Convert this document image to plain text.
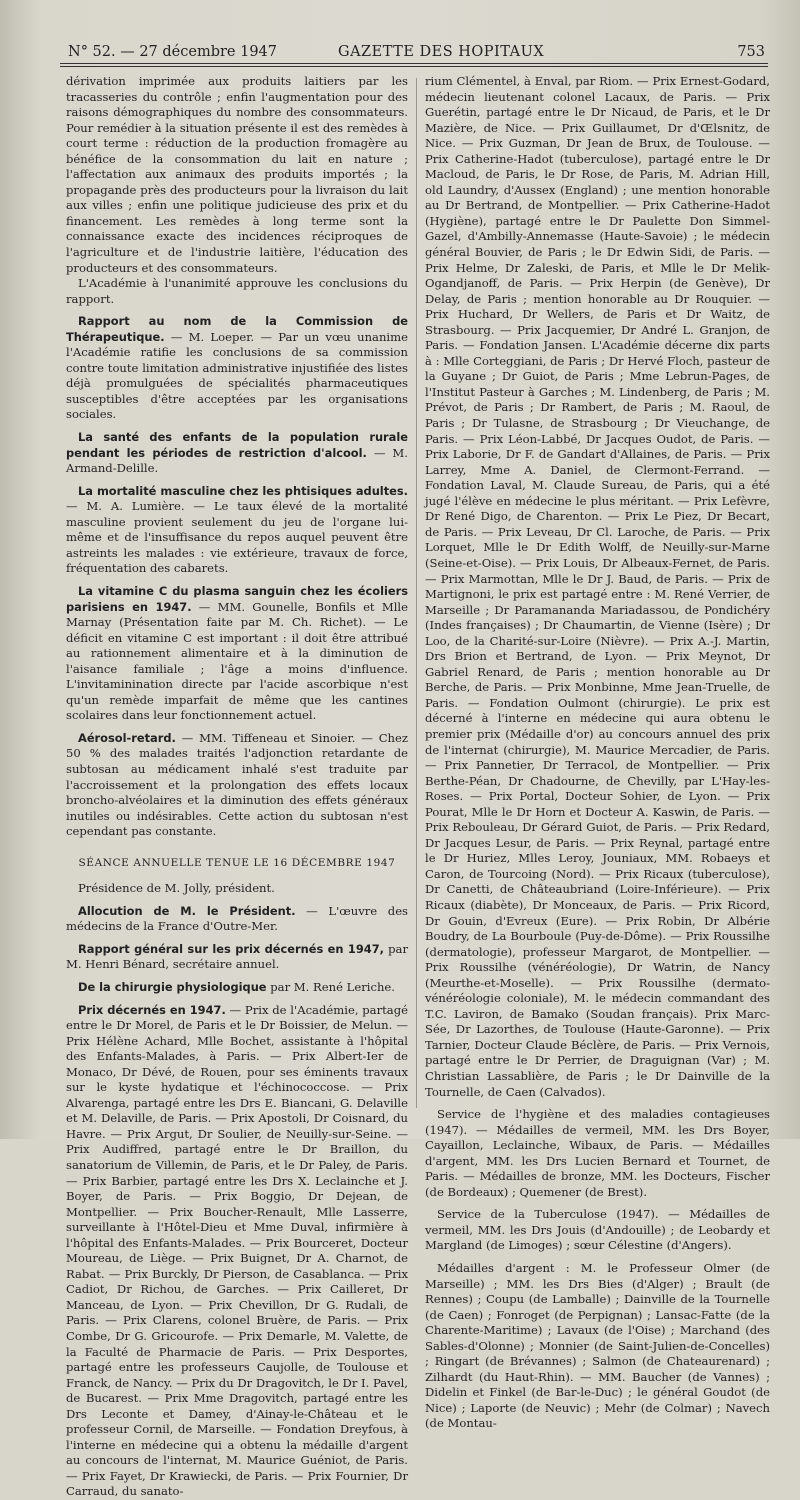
N° 52. — 27 décembre 1947	GAZETTE DES HOPITAUX	753

dérivation imprimée aux produits laitiers par les tracasseries du contrôle ; enfin l'augmentation pour des raisons démographiques du nombre des consommateurs. Pour remédier à la situation présente il est des remèdes à court terme : réduction de la production fromagère au bénéfice de la consommation du lait en nature ; l'affectation aux animaux des produits importés ; la propagande près des producteurs pour la livraison du lait aux villes ; enfin une politique judicieuse des prix et du financement. Les remèdes à long terme sont la connaissance exacte des incidences réciproques de l'agriculture et de l'industrie laitière, l'éducation des producteurs et des consommateurs.

L'Académie à l'unanimité approuve les conclusions du rapport.

Rapport au nom de la Commission de Thérapeutique. — M. Loeper. — Par un vœu unanime l'Académie ratifie les conclusions de sa commission contre toute limitation administrative injustifiée des listes déjà promulguées de spécialités pharmaceutiques susceptibles d'être acceptées par les organisations sociales.

La santé des enfants de la population rurale pendant les périodes de restriction d'alcool. — M. Armand-Delille.

La mortalité masculine chez les phtisiques adultes. — M. A. Lumière. — Le taux élevé de la mortalité masculine provient seulement du jeu de l'organe lui-même et de l'insuffisance du repos auquel peuvent être astreints les malades : vie extérieure, travaux de force, fréquentation des cabarets.

La vitamine C du plasma sanguin chez les écoliers parisiens en 1947. — MM. Gounelle, Bonfils et Mlle Marnay (Présentation faite par M. Ch. Richet). — Le déficit en vitamine C est important : il doit être attribué au rationnement alimentaire et à la diminution de l'aisance familiale ; l'âge a moins d'influence. L'invitaminination directe par l'acide ascorbique n'est qu'un remède imparfait de même que les cantines scolaires dans leur fonctionnement actuel.

Aérosol-retard. — MM. Tiffeneau et Sinoier. — Chez 50 % des malades traités l'adjonction retardante de subtosan au médicament inhalé s'est traduite par l'accroissement et la prolongation des effets locaux broncho-alvéolaires et la diminution des effets généraux inutiles ou indésirables. Cette action du subtosan n'est cependant pas constante.

SÉANCE ANNUELLE TENUE LE 16 DÉCEMBRE 1947

Présidence de M. Jolly, président.

Allocution de M. le Président. — L'œuvre des médecins de la France d'Outre-Mer.

Rapport général sur les prix décernés en 1947, par M. Henri Bénard, secrétaire annuel.

De la chirurgie physiologique par M. René Leriche.

Prix décernés en 1947. — Prix de l'Académie, partagé entre le Dr Morel, de Paris et le Dr Boissier, de Melun. — Prix Hélène Achard, Mlle Bochet, assistante à l'hôpital des Enfants-Malades, à Paris. — Prix Albert-Ier de Monaco, Dr Dévé, de Rouen, pour ses éminents travaux sur le kyste hydatique et l'échinococcose. — Prix Alvarenga, partagé entre les Drs E. Biancani, G. Delaville et M. Delaville, de Paris. — Prix Apostoli, Dr Coisnard, du Havre. — Prix Argut, Dr Soulier, de Neuilly-sur-Seine. — Prix Audiffred, partagé entre le Dr Braillon, du sanatorium de Villemin, de Paris, et le Dr Paley, de Paris. — Prix Barbier, partagé entre les Drs X. Leclainche et J. Boyer, de Paris. — Prix Boggio, Dr Dejean, de Montpellier. — Prix Boucher-Renault, Mlle Lasserre, surveillante à l'Hôtel-Dieu et Mme Duval, infirmière à l'hôpital des Enfants-Malades. — Prix Bourceret, Docteur Moureau, de Liège. — Prix Buignet, Dr A. Charnot, de Rabat. — Prix Burckly, Dr Pierson, de Casablanca. — Prix Cadiot, Dr Richou, de Garches. — Prix Cailleret, Dr Manceau, de Lyon. — Prix Chevillon, Dr G. Rudali, de Paris. — Prix Clarens, colonel Bruère, de Paris. — Prix Combe, Dr G. Gricourofe. — Prix Demarle, M. Valette, de la Faculté de Pharmacie de Paris. — Prix Desportes, partagé entre les professeurs Caujolle, de Toulouse et Franck, de Nancy. — Prix du Dr Dragovitch, le Dr I. Pavel, de Bucarest. — Prix Mme Dragovitch, partagé entre les Drs Leconte et Damey, d'Ainay-le-Château et le professeur Cornil, de Marseille. — Fondation Dreyfous, à l'interne en médecine qui a obtenu la médaille d'argent au concours de l'internat, M. Maurice Guéniot, de Paris. — Prix Fayet, Dr Krawiecki, de Paris. — Prix Fournier, Dr Carraud, du sanato-

rium Clémentel, à Enval, par Riom. — Prix Ernest-Godard, médecin lieutenant colonel Lacaux, de Paris. — Prix Guerétin, partagé entre le Dr Nicaud, de Paris, et le Dr Mazière, de Nice. — Prix Guillaumet, Dr d'Œlsnitz, de Nice. — Prix Guzman, Dr Jean de Brux, de Toulouse. — Prix Catherine-Hadot (tuberculose), partagé entre le Dr Macloud, de Paris, le Dr Rose, de Paris, M. Adrian Hill, old Laundry, d'Aussex (England) ; une mention honorable au Dr Bertrand, de Montpellier. — Prix Catherine-Hadot (Hygiène), partagé entre le Dr Paulette Don Simmel-Gazel, d'Ambilly-Annemasse (Haute-Savoie) ; le médecin général Bouvier, de Paris ; le Dr Edwin Sidi, de Paris. — Prix Helme, Dr Zaleski, de Paris, et Mlle le Dr Melik-Ogandjanoff, de Paris. — Prix Herpin (de Genève), Dr Delay, de Paris ; mention honorable au Dr Rouquier. — Prix Huchard, Dr Wellers, de Paris et Dr Waitz, de Strasbourg. — Prix Jacquemier, Dr André L. Granjon, de Paris. — Fondation Jansen. L'Académie décerne dix parts à : Mlle Corteggiani, de Paris ; Dr Hervé Floch, pasteur de la Guyane ; Dr Guiot, de Paris ; Mme Lebrun-Pages, de l'Institut Pasteur à Garches ; M. Lindenberg, de Paris ; M. Prévot, de Paris ; Dr Rambert, de Paris ; M. Raoul, de Paris ; Dr Tulasne, de Strasbourg ; Dr Vieuchange, de Paris. — Prix Léon-Labbé, Dr Jacques Oudot, de Paris. — Prix Laborie, Dr F. de Gandart d'Allaines, de Paris. — Prix Larrey, Mme A. Daniel, de Clermont-Ferrand. — Fondation Laval, M. Claude Sureau, de Paris, qui a été jugé l'élève en médecine le plus méritant. — Prix Lefèvre, Dr René Digo, de Charenton. — Prix Le Piez, Dr Becart, de Paris. — Prix Leveau, Dr Cl. Laroche, de Paris. — Prix Lorquet, Mlle le Dr Edith Wolff, de Neuilly-sur-Marne (Seine-et-Oise). — Prix Louis, Dr Albeaux-Fernet, de Paris. — Prix Marmottan, Mlle le Dr J. Baud, de Paris. — Prix de Martignoni, le prix est partagé entre : M. René Verrier, de Marseille ; Dr Paramananda Mariadassou, de Pondichéry (Indes françaises) ; Dr Chaumartin, de Vienne (Isère) ; Dr Loo, de la Charité-sur-Loire (Nièvre). — Prix A.-J. Martin, Drs Brion et Bertrand, de Lyon. — Prix Meynot, Dr Gabriel Renard, de Paris ; mention honorable au Dr Berche, de Paris. — Prix Monbinne, Mme Jean-Truelle, de Paris. — Fondation Oulmont (chirurgie). Le prix est décerné à l'interne en médecine qui aura obtenu le premier prix (Médaille d'or) au concours annuel des prix de l'internat (chirurgie), M. Maurice Mercadier, de Paris. — Prix Pannetier, Dr Terracol, de Montpellier. — Prix Berthe-Péan, Dr Chadourne, de Chevilly, par L'Hay-les-Roses. — Prix Portal, Docteur Sohier, de Lyon. — Prix Pourat, Mlle le Dr Horn et Docteur A. Kaswin, de Paris. — Prix Rebouleau, Dr Gérard Guiot, de Paris. — Prix Redard, Dr Jacques Lesur, de Paris. — Prix Reynal, partagé entre le Dr Huriez, Mlles Leroy, Jouniaux, MM. Robaeys et Caron, de Tourcoing (Nord). — Prix Ricaux (tuberculose), Dr Canetti, de Châteaubriand (Loire-Inférieure). — Prix Ricaux (diabète), Dr Monceaux, de Paris. — Prix Ricord, Dr Gouin, d'Evreux (Eure). — Prix Robin, Dr Albérie Boudry, de La Bourboule (Puy-de-Dôme). — Prix Roussilhe (dermatologie), professeur Margarot, de Montpellier. — Prix Roussilhe (vénéréologie), Dr Watrin, de Nancy (Meurthe-et-Moselle). — Prix Roussilhe (dermato-vénéréologie coloniale), M. le médecin commandant des T.C. Laviron, de Bamako (Soudan français). Prix Marc-Sée, Dr Lazorthes, de Toulouse (Haute-Garonne). — Prix Tarnier, Docteur Claude Béclère, de Paris. — Prix Vernois, partagé entre le Dr Perrier, de Draguignan (Var) ; M. Christian Lassablière, de Paris ; le Dr Dainville de la Tournelle, de Caen (Calvados).

Service de l'hygiène et des maladies contagieuses (1947). — Médailles de vermeil, MM. les Drs Boyer, Cayaillon, Leclainche, Wibaux, de Paris. — Médailles d'argent, MM. les Drs Lucien Bernard et Tournet, de Paris. — Médailles de bronze, MM. les Docteurs, Fischer (de Bordeaux) ; Quemener (de Brest).

Service de la Tuberculose (1947). — Médailles de vermeil, MM. les Drs Jouis (d'Andouille) ; de Leobardy et Margland (de Limoges) ; sœur Célestine (d'Angers).

Médailles d'argent : M. le Professeur Olmer (de Marseille) ; MM. les Drs Bies (d'Alger) ; Brault (de Rennes) ; Coupu (de Lamballe) ; Dainville de la Tournelle (de Caen) ; Fonroget (de Perpignan) ; Lansac-Fatte (de la Charente-Maritime) ; Lavaux (de l'Oise) ; Marchand (des Sables-d'Olonne) ; Monnier (de Saint-Julien-de-Concelles) ; Ringart (de Brévannes) ; Salmon (de Chateaurenard) ; Zilhardt (du Haut-Rhin). — MM. Baucher (de Vannes) ; Didelin et Finkel (de Bar-le-Duc) ; le général Goudot (de Nice) ; Laporte (de Neuvic) ; Mehr (de Colmar) ; Navech (de Montau-
